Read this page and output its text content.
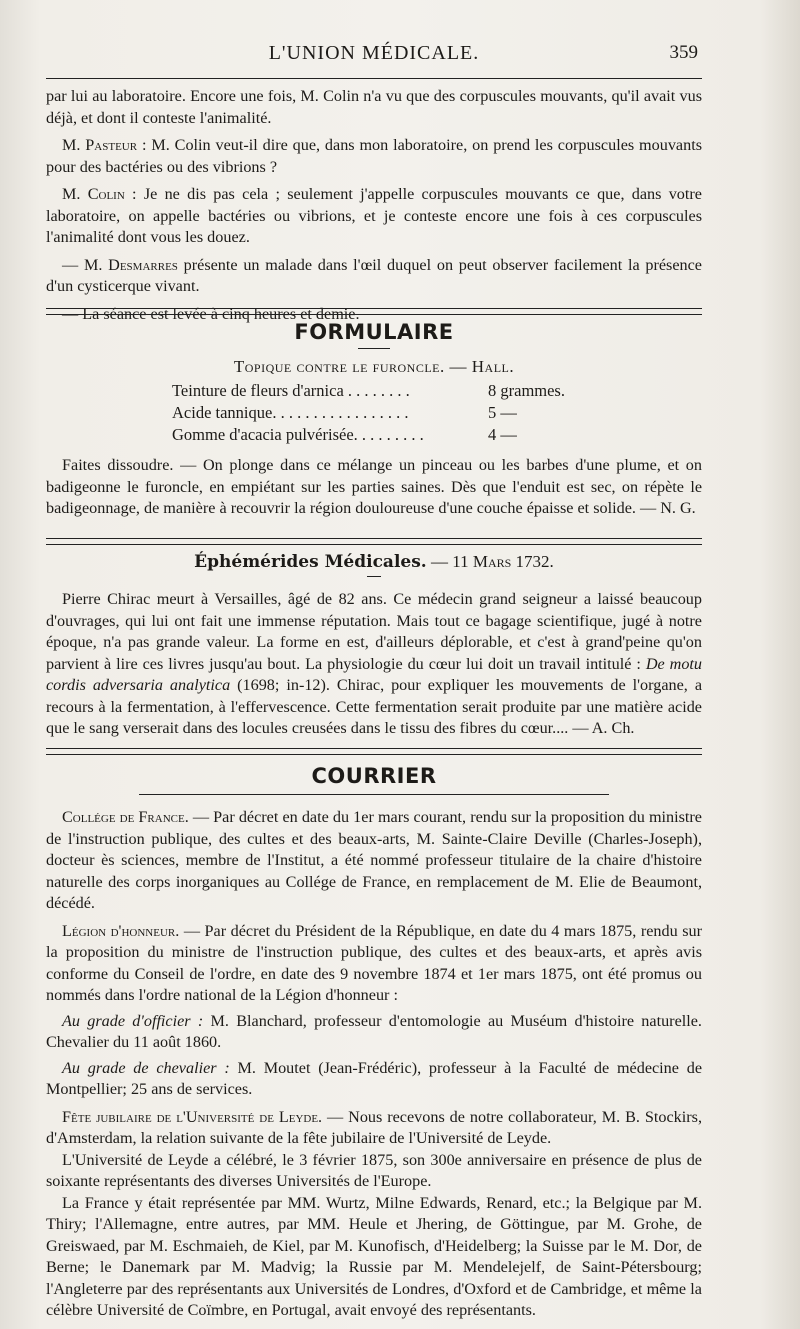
L'UNION MÉDICALE.	359

par lui au laboratoire. Encore une fois, M. Colin n'a vu que des corpuscules mouvants, qu'il avait vus déjà, et dont il conteste l'animalité.

M. Pasteur : M. Colin veut-il dire que, dans mon laboratoire, on prend les corpuscules mouvants pour des bactéries ou des vibrions ?

M. Colin : Je ne dis pas cela ; seulement j'appelle corpuscules mouvants ce que, dans votre laboratoire, on appelle bactéries ou vibrions, et je conteste encore une fois à ces corpuscules l'animalité dont vous les douez.

— M. Desmarres présente un malade dans l'œil duquel on peut observer facilement la présence d'un cysticerque vivant.

— La séance est levée à cinq heures et demie.

FORMULAIRE
Topique contre le furoncle. — Hall.
Teinture de fleurs d'arnica . . . . . . . .	8 grammes.
Acide tannique. . . . . . . . . . . . . . . . .	5 —
Gomme d'acacia pulvérisée. . . . . . . . .	4 —

Faites dissoudre. — On plonge dans ce mélange un pinceau ou les barbes d'une plume, et on badigeonne le furoncle, en empiétant sur les parties saines. Dès que l'enduit est sec, on répète le badigeonnage, de manière à recouvrir la région douloureuse d'une couche épaisse et solide. — N. G.

Éphémérides Médicales. — 11 Mars 1732.

Pierre Chirac meurt à Versailles, âgé de 82 ans. Ce médecin grand seigneur a laissé beaucoup d'ouvrages, qui lui ont fait une immense réputation. Mais tout ce bagage scientifique, jugé à notre époque, n'a pas grande valeur. La forme en est, d'ailleurs déplorable, et c'est à grand'peine qu'on parvient à lire ces livres jusqu'au bout. La physiologie du cœur lui doit un travail intitulé : De motu cordis adversaria analytica (1698; in-12). Chirac, pour expliquer les mouvements de l'organe, a recours à la fermentation, à l'effervescence. Cette fermentation serait produite par une matière acide que le sang verserait dans des locules creusées dans le tissu des fibres du cœur.... — A. Ch.

COURRIER

Collége de France. — Par décret en date du 1er mars courant, rendu sur la proposition du ministre de l'instruction publique, des cultes et des beaux-arts, M. Sainte-Claire Deville (Charles-Joseph), docteur ès sciences, membre de l'Institut, a été nommé professeur titulaire de la chaire d'histoire naturelle des corps inorganiques au Collége de France, en remplacement de M. Elie de Beaumont, décédé.

Légion d'honneur. — Par décret du Président de la République, en date du 4 mars 1875, rendu sur la proposition du ministre de l'instruction publique, des cultes et des beaux-arts, et après avis conforme du Conseil de l'ordre, en date des 9 novembre 1874 et 1er mars 1875, ont été promus ou nommés dans l'ordre national de la Légion d'honneur :

Au grade d'officier : M. Blanchard, professeur d'entomologie au Muséum d'histoire naturelle. Chevalier du 11 août 1860.

Au grade de chevalier : M. Moutet (Jean-Frédéric), professeur à la Faculté de médecine de Montpellier; 25 ans de services.

Fête jubilaire de l'Université de Leyde. — Nous recevons de notre collaborateur, M. B. Stockirs, d'Amsterdam, la relation suivante de la fête jubilaire de l'Université de Leyde.

L'Université de Leyde a célébré, le 3 février 1875, son 300e anniversaire en présence de plus de soixante représentants des diverses Universités de l'Europe.

La France y était représentée par MM. Wurtz, Milne Edwards, Renard, etc.; la Belgique par M. Thiry; l'Allemagne, entre autres, par MM. Heule et Jhering, de Göttingue, par M. Grohe, de Greiswaed, par M. Eschmaieh, de Kiel, par M. Kunofisch, d'Heidelberg; la Suisse par le M. Dor, de Berne; le Danemark par M. Madvig; la Russie par M. Mendelejelf, de Saint-Pétersbourg; l'Angleterre par des représentants aux Universités de Londres, d'Oxford et de Cambridge, et même la célèbre Université de Coïmbre, en Portugal, avait envoyé des représentants.
